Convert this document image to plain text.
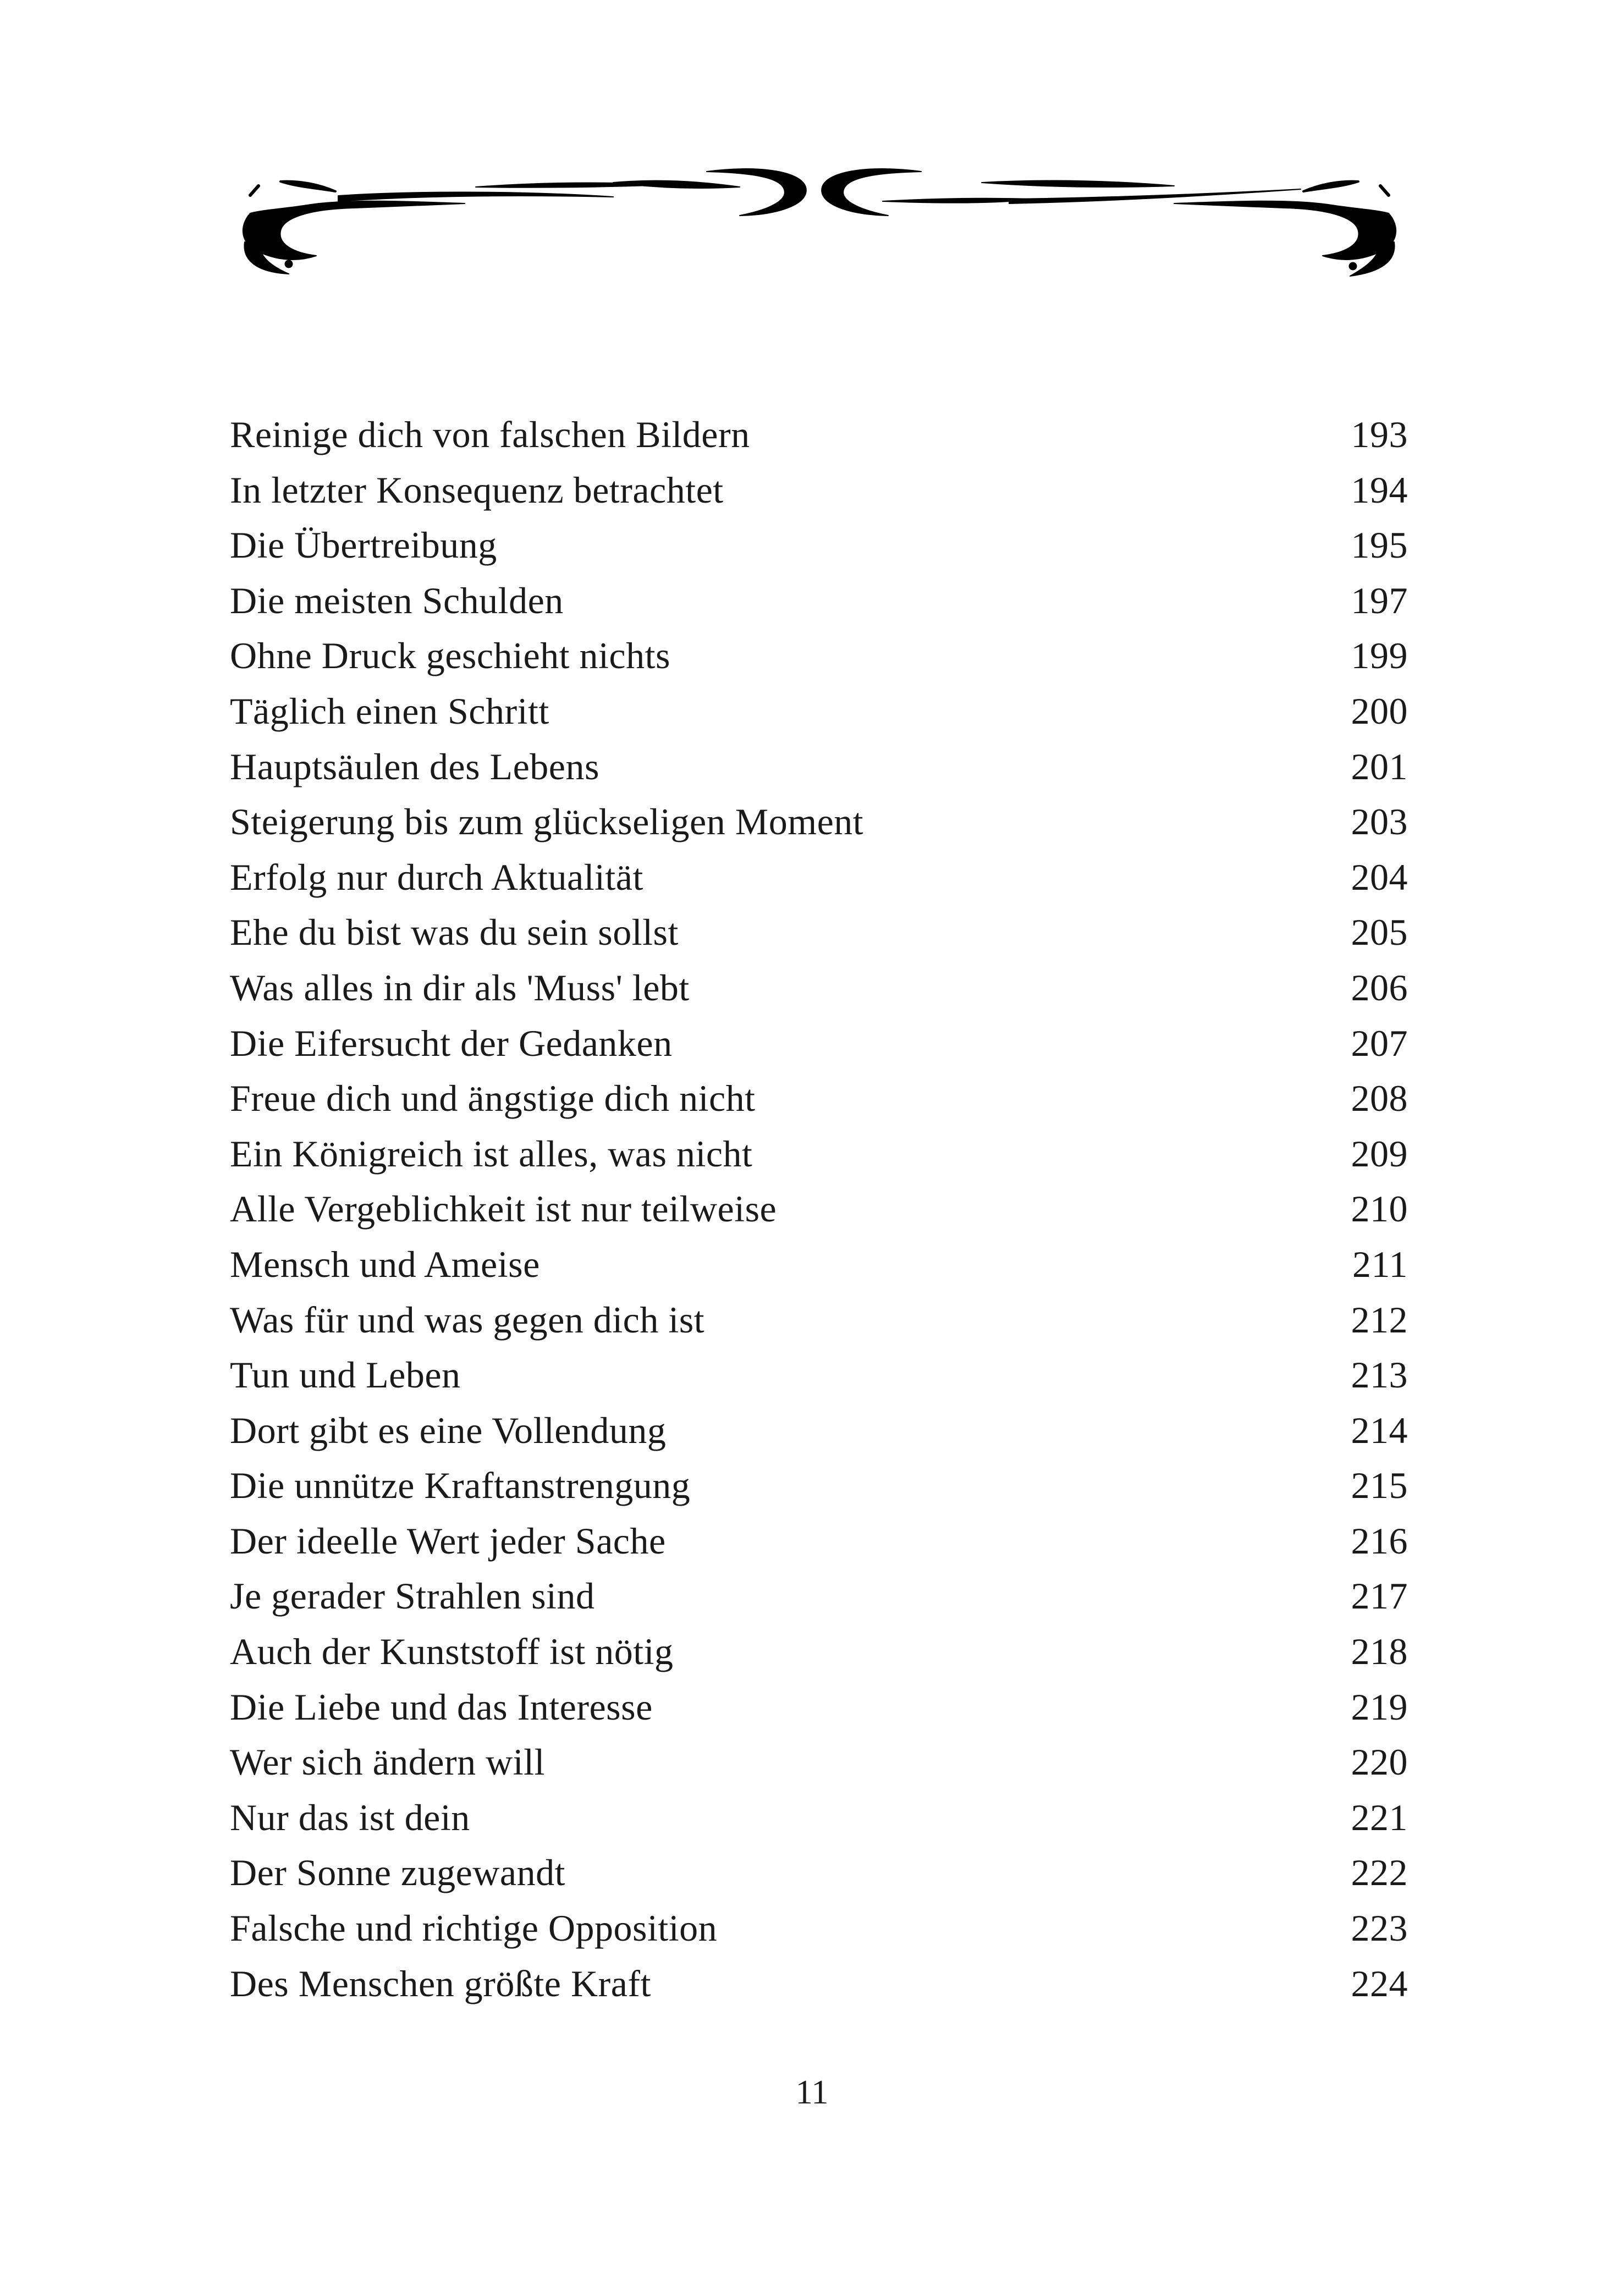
Reinige dich von falschen Bildern	193
In letzter Konsequenz betrachtet	194
Die Übertreibung	195
Die meisten Schulden	197
Ohne Druck geschieht nichts	199
Täglich einen Schritt	200
Hauptsäulen des Lebens	201
Steigerung bis zum glückseligen Moment	203
Erfolg nur durch Aktualität	204
Ehe du bist was du sein sollst	205
Was alles in dir als 'Muss' lebt	206
Die Eifersucht der Gedanken	207
Freue dich und ängstige dich nicht	208
Ein Königreich ist alles, was nicht	209
Alle Vergeblichkeit ist nur teilweise	210
Mensch und Ameise	211
Was für und was gegen dich ist	212
Tun und Leben	213
Dort gibt es eine Vollendung	214
Die unnütze Kraftanstrengung	215
Der ideelle Wert jeder Sache	216
Je gerader Strahlen sind	217
Auch der Kunststoff ist nötig	218
Die Liebe und das Interesse	219
Wer sich ändern will	220
Nur das ist dein	221
Der Sonne zugewandt	222
Falsche und richtige Opposition	223
Des Menschen größte Kraft	224
11
